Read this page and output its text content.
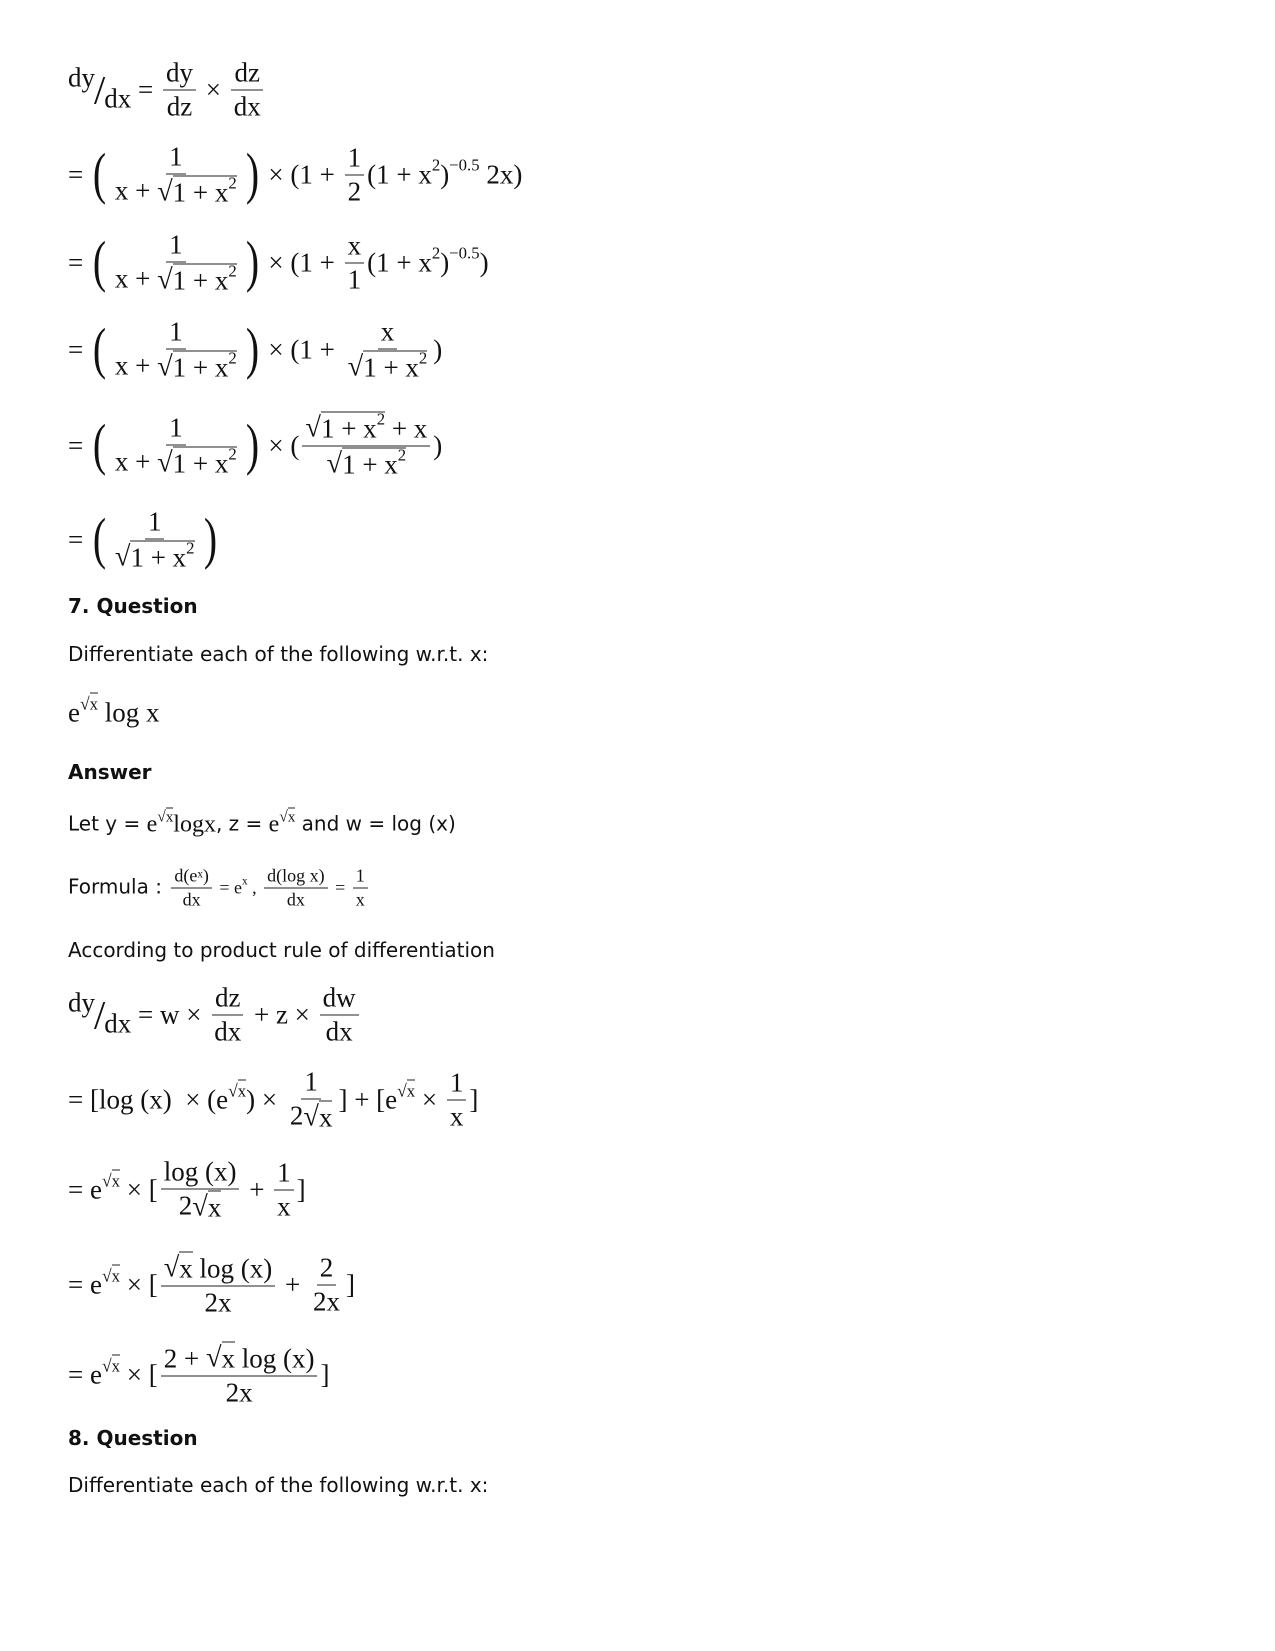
dy / dx = $\frac{dy}{dz} \times \frac{dz}{dx}$
= ( $\frac{1}{x + √ 1 + x 2}$ ) × ($1 + \frac{1}{2} (1 + x$ 2 ) −0.5 2x)
= ( $\frac{1}{x + √ 1 + x 2}$ ) × ($1 + \frac{x}{1} (1 + x$ 2 ) −0.5 )
= ( $\frac{1}{x + √ 1 + x 2}$ ) × ($1 + \frac{x}{√ 1 + x 2}$ )
= ( $\frac{1}{x + √ 1 + x 2}$ ) × ( $\frac{√ 1 + x 2 + x}{√ 1 + x 2}$ )
= ( $\frac{1}{√ 1 + x 2}$ )
7. Question
Differentiate each of the following w.r.t. x:
e √ x log x
Answer
Let y = e √ x logx , z = e √ x and w = log (x)
Formula : $\frac{\text{d(e x )}}{dx} = e$ x , $\frac{\text{d(log x)}}{dx} = \frac{1}{x}$
According to product rule of differentiation
dy / dx = $w \times \frac{dz}{dx} + z \times \frac{dw}{dx}$
= [log (x)  × (e √ x ) × $\frac{1}{2 √ x}$ ] + [e √ $x \times \frac{1}{x}$ ]
= e √ x × [ $\frac{\log (x)}{2 √ x} + \frac{1}{x}$ ]
= e √ x × [ $\frac{\text{√ x log (x)}}{2x} + \frac{2}{2x}$ ]
= e √ x × [ $\frac{\text{2 + √ x log (x)}}{2x}$ ]
8. Question
Differentiate each of the following w.r.t. x:
